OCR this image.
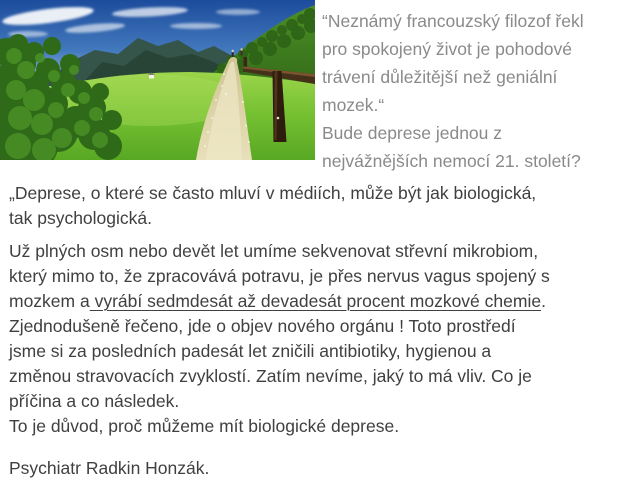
“Neznámý francouzský filozof řekl
pro spokojený život je pohodové
trávení důležitější než geniální
mozek.“
Bude deprese jednou z
nejvážnějších nemocí 21. století?
„Deprese, o které se často mluví v médiích, může být jak biologická,
tak psychologická.
Už plných osm nebo devět let umíme sekvenovat střevní mikrobiom,
který mimo to, že zpracovává potravu, je přes nervus vagus spojený s
mozkem a vyrábí sedmdesát až devadesát procent mozkové chemie.
Zjednodušeně řečeno, jde o objev nového orgánu ! Toto prostředí
jsme si za posledních padesát let zničili antibiotiky, hygienou a
změnou stravovacích zvyklostí. Zatím nevíme, jaký to má vliv. Co je
příčina a co následek.
To je důvod, proč můžeme mít biologické deprese.
Psychiatr Radkin Honzák.
